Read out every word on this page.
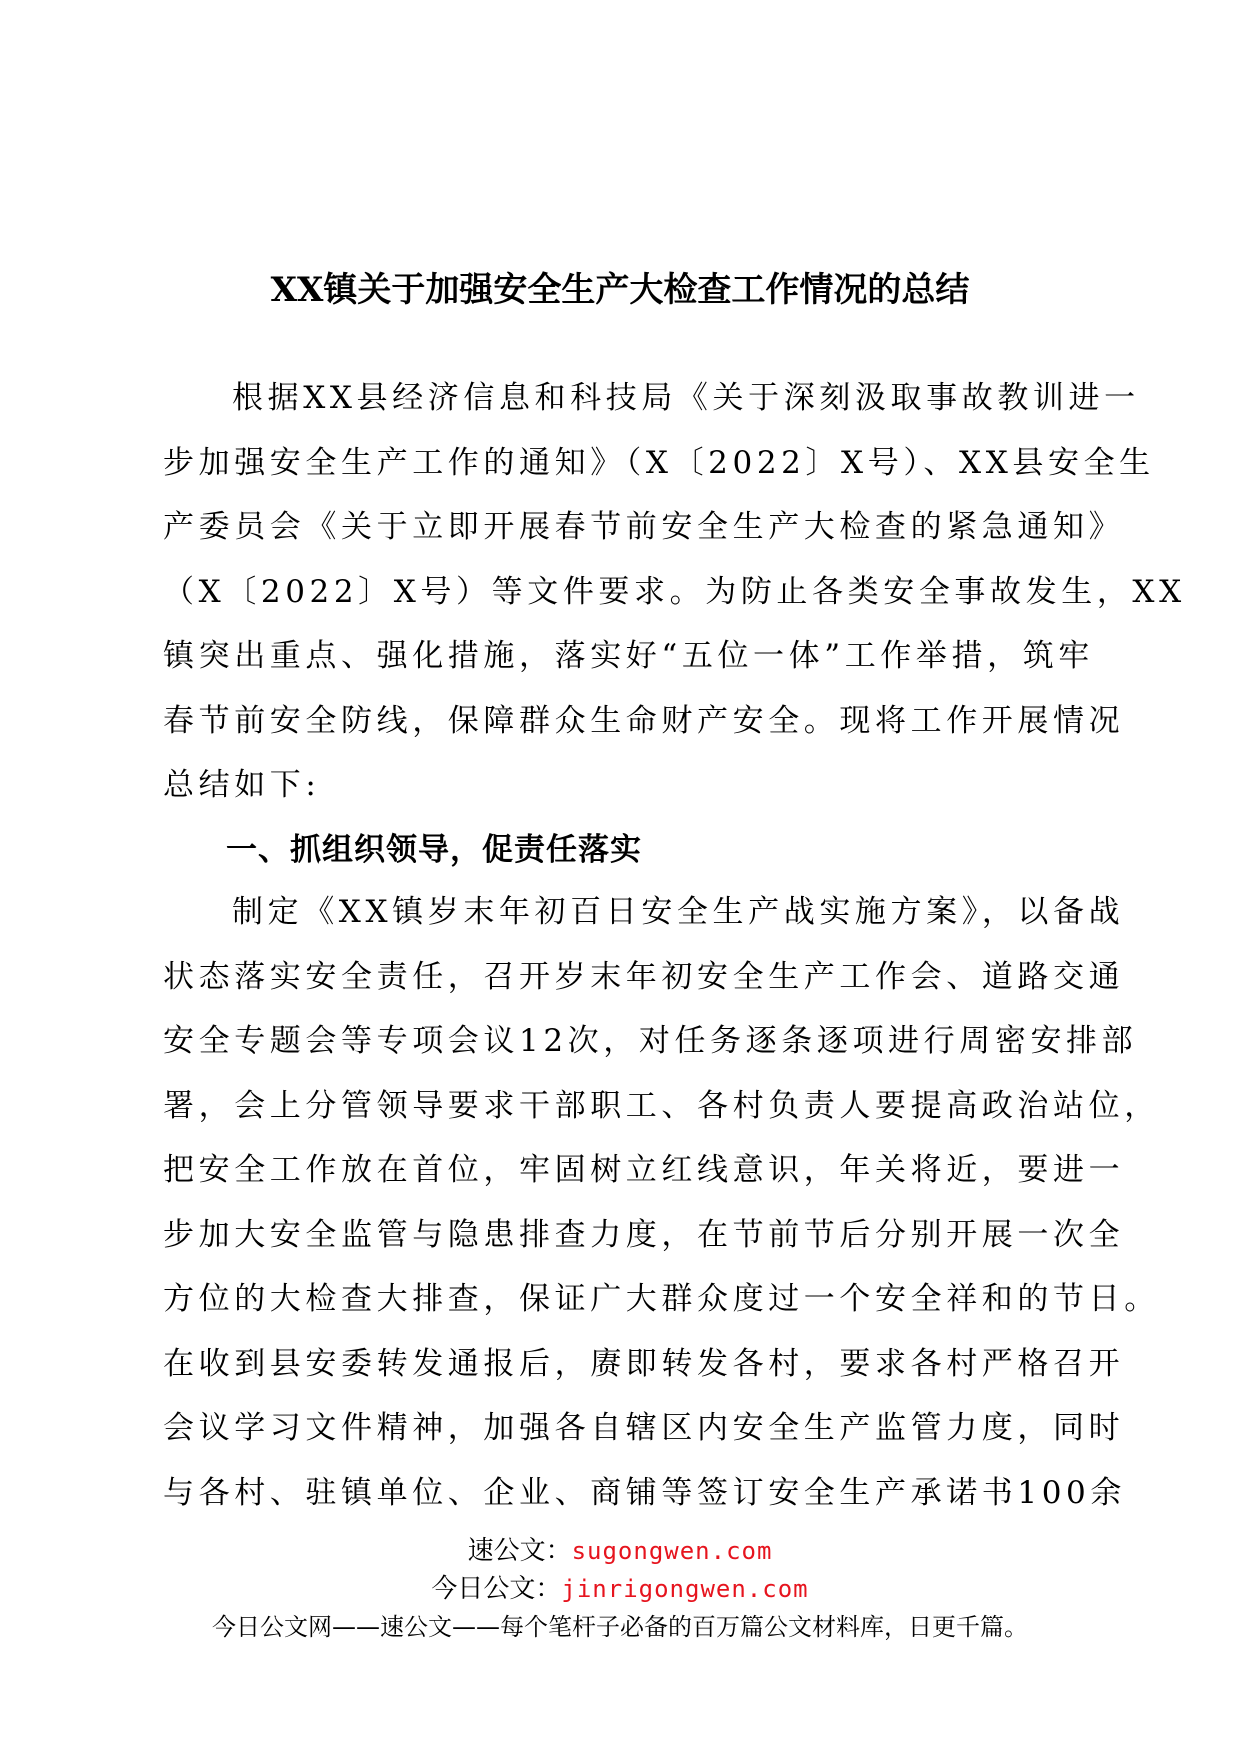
XX镇关于加强安全生产大检查工作情况的总结
根据XX县经济信息和科技局《关于深刻汲取事故教训进一
步加强安全生产工作的通知》（X〔2022〕X号）、XX县安全生
产委员会《关于立即开展春节前安全生产大检查的紧急通知》
（X〔2022〕X号）等文件要求。为防止各类安全事故发生，XX
镇突出重点、强化措施，落实好“五位一体”工作举措，筑牢
春节前安全防线，保障群众生命财产安全。现将工作开展情况
总结如下:
一、抓组织领导，促责任落实
制定《XX镇岁末年初百日安全生产战实施方案》，以备战
状态落实安全责任，召开岁末年初安全生产工作会、道路交通
安全专题会等专项会议12次，对任务逐条逐项进行周密安排部
署，会上分管领导要求干部职工、各村负责人要提高政治站位，
把安全工作放在首位，牢固树立红线意识，年关将近，要进一
步加大安全监管与隐患排查力度，在节前节后分别开展一次全
方位的大检查大排查，保证广大群众度过一个安全祥和的节日。
在收到县安委转发通报后，赓即转发各村，要求各村严格召开
会议学习文件精神，加强各自辖区内安全生产监管力度，同时
与各村、驻镇单位、企业、商铺等签订安全生产承诺书100余
速公文：sugongwen.com
今日公文：jinrigongwen.com
今日公文网——速公文——每个笔杆子必备的百万篇公文材料库，日更千篇。
